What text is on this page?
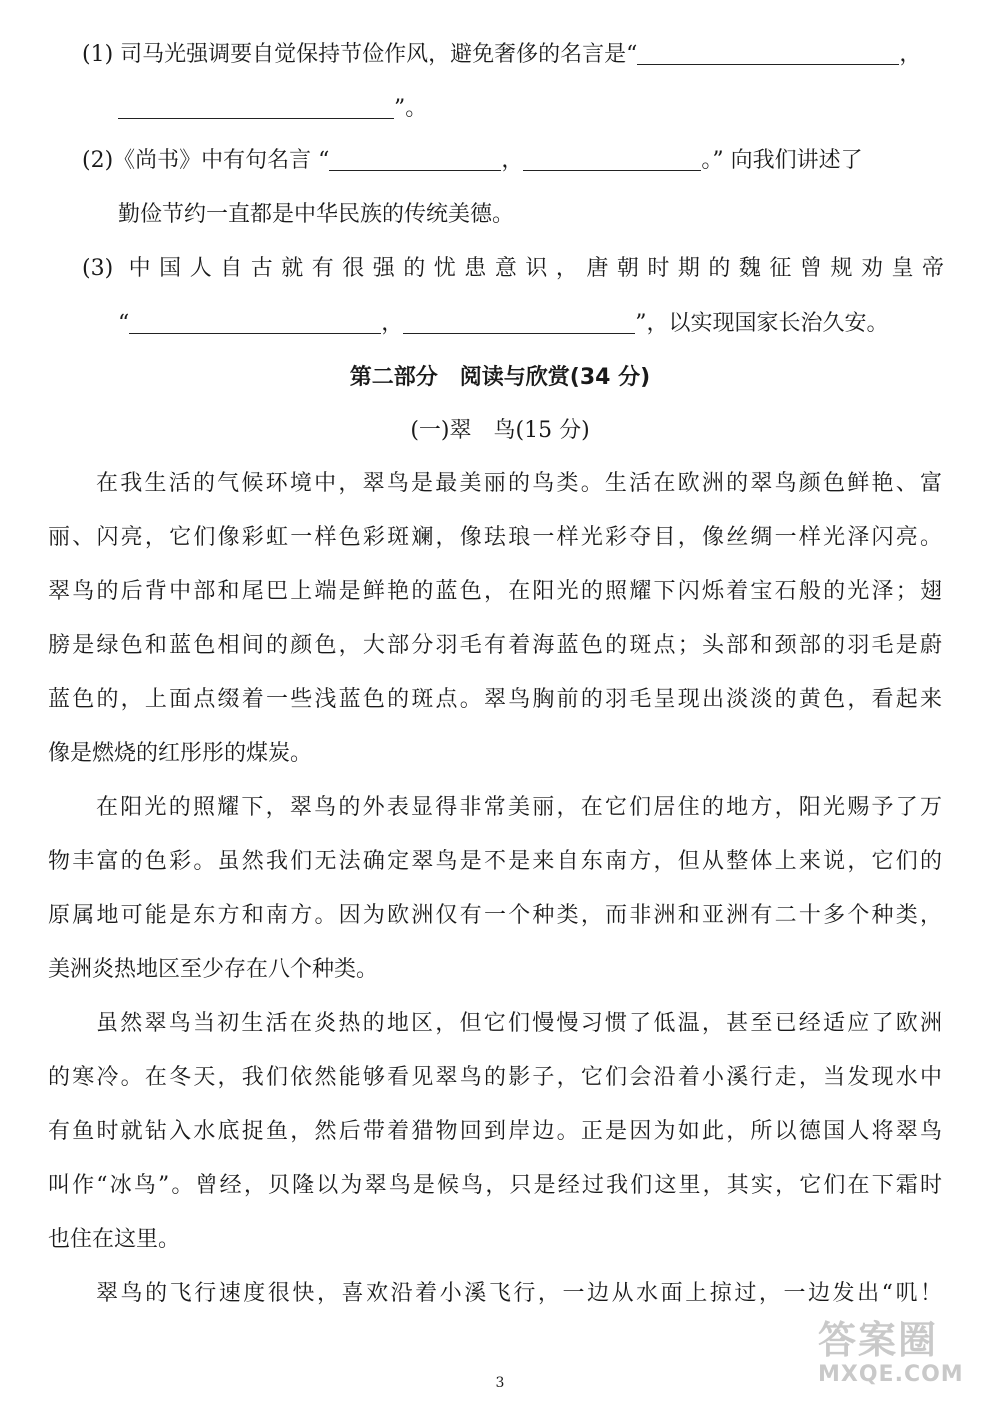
(1) 司马光强调要自觉保持节俭作风，避免奢侈的名言是“	，
”。
(2)《尚书》中有句名言 “	，	。” 向我们讲述了
勤俭节约一直都是中华民族的传统美德。
(3) 中国人自古就有很强的忧患意识，唐朝时期的魏征曾规劝皇帝
“	，	”，以实现国家长治久安。
第二部分　阅读与欣赏(34 分)
(一)翠　鸟(15 分)
在我生活的气候环境中，翠鸟是最美丽的鸟类。生活在欧洲的翠鸟颜色鲜艳、富
丽、闪亮，它们像彩虹一样色彩斑斓，像珐琅一样光彩夺目，像丝绸一样光泽闪亮。
翠鸟的后背中部和尾巴上端是鲜艳的蓝色，在阳光的照耀下闪烁着宝石般的光泽；翅
膀是绿色和蓝色相间的颜色，大部分羽毛有着海蓝色的斑点；头部和颈部的羽毛是蔚
蓝色的，上面点缀着一些浅蓝色的斑点。翠鸟胸前的羽毛呈现出淡淡的黄色，看起来
像是燃烧的红彤彤的煤炭。
在阳光的照耀下，翠鸟的外表显得非常美丽，在它们居住的地方，阳光赐予了万
物丰富的色彩。虽然我们无法确定翠鸟是不是来自东南方，但从整体上来说，它们的
原属地可能是东方和南方。因为欧洲仅有一个种类，而非洲和亚洲有二十多个种类，
美洲炎热地区至少存在八个种类。
虽然翠鸟当初生活在炎热的地区，但它们慢慢习惯了低温，甚至已经适应了欧洲
的寒冷。在冬天，我们依然能够看见翠鸟的影子，它们会沿着小溪行走，当发现水中
有鱼时就钻入水底捉鱼，然后带着猎物回到岸边。正是因为如此，所以德国人将翠鸟
叫作“冰鸟”。曾经，贝隆以为翠鸟是候鸟，只是经过我们这里，其实，它们在下霜时
也住在这里。
翠鸟的飞行速度很快，喜欢沿着小溪飞行，一边从水面上掠过，一边发出“叽！
3
答案圈
MXQE.COM
